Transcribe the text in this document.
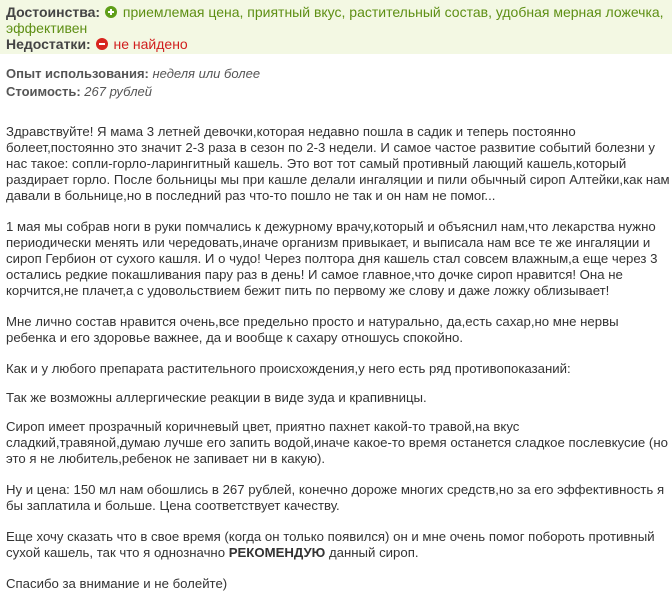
Достоинства: приемлемая цена, приятный вкус, растительный состав, удобная мерная ложечка,
эффективен
Недостатки: не найдено
Опыт использования: неделя или более
Стоимость: 267 рублей

Здравствуйте! Я мама 3 летней девочки,которая недавно пошла в садик и теперь постоянно
болеет,постоянно это значит 2-3 раза в сезон по 2-3 недели. И самое частое развитие событий болезни у
нас такое: сопли-горло-ларингитный кашель. Это вот тот самый противный лающий кашель,который
раздирает горло. После больницы мы при кашле делали ингаляции и пили обычный сироп Алтейки,как нам
давали в больнице,но в последний раз что-то пошло не так и он нам не помог...

1 мая мы собрав ноги в руки помчались к дежурному врачу,который и объяснил нам,что лекарства нужно
периодически менять или чередовать,иначе организм привыкает, и выписала нам все те же ингаляции и
сироп Гербион от сухого кашля. И о чудо! Через полтора дня кашель стал совсем влажным,а еще через 3
остались редкие покашливания пару раз в день! И самое главное,что дочке сироп нравится! Она не
корчится,не плачет,а с удовольствием бежит пить по первому же слову и даже ложку облизывает!

Мне лично состав нравится очень,все предельно просто и натурально, да,есть сахар,но мне нервы
ребенка и его здоровье важнее, да и вообще к сахару отношусь спокойно.

Как и у любого препарата растительного происхождения,у него есть ряд противопоказаний:

Так же возможны аллергические реакции в виде зуда и крапивницы.

Сироп имеет прозрачный коричневый цвет, приятно пахнет какой-то травой,на вкус
сладкий,травяной,думаю лучше его запить водой,иначе какое-то время останется сладкое послевкусие (но
это я не любитель,ребенок не запивает ни в какую).

Ну и цена: 150 мл нам обошлись в 267 рублей, конечно дороже многих средств,но за его эффективность я
бы заплатила и больше. Цена соответствует качеству.

Еще хочу сказать что в свое время (когда он только появился) он и мне очень помог побороть противный
сухой кашель, так что я однозначно РЕКОМЕНДУЮ данный сироп.

Спасибо за внимание и не болейте)
